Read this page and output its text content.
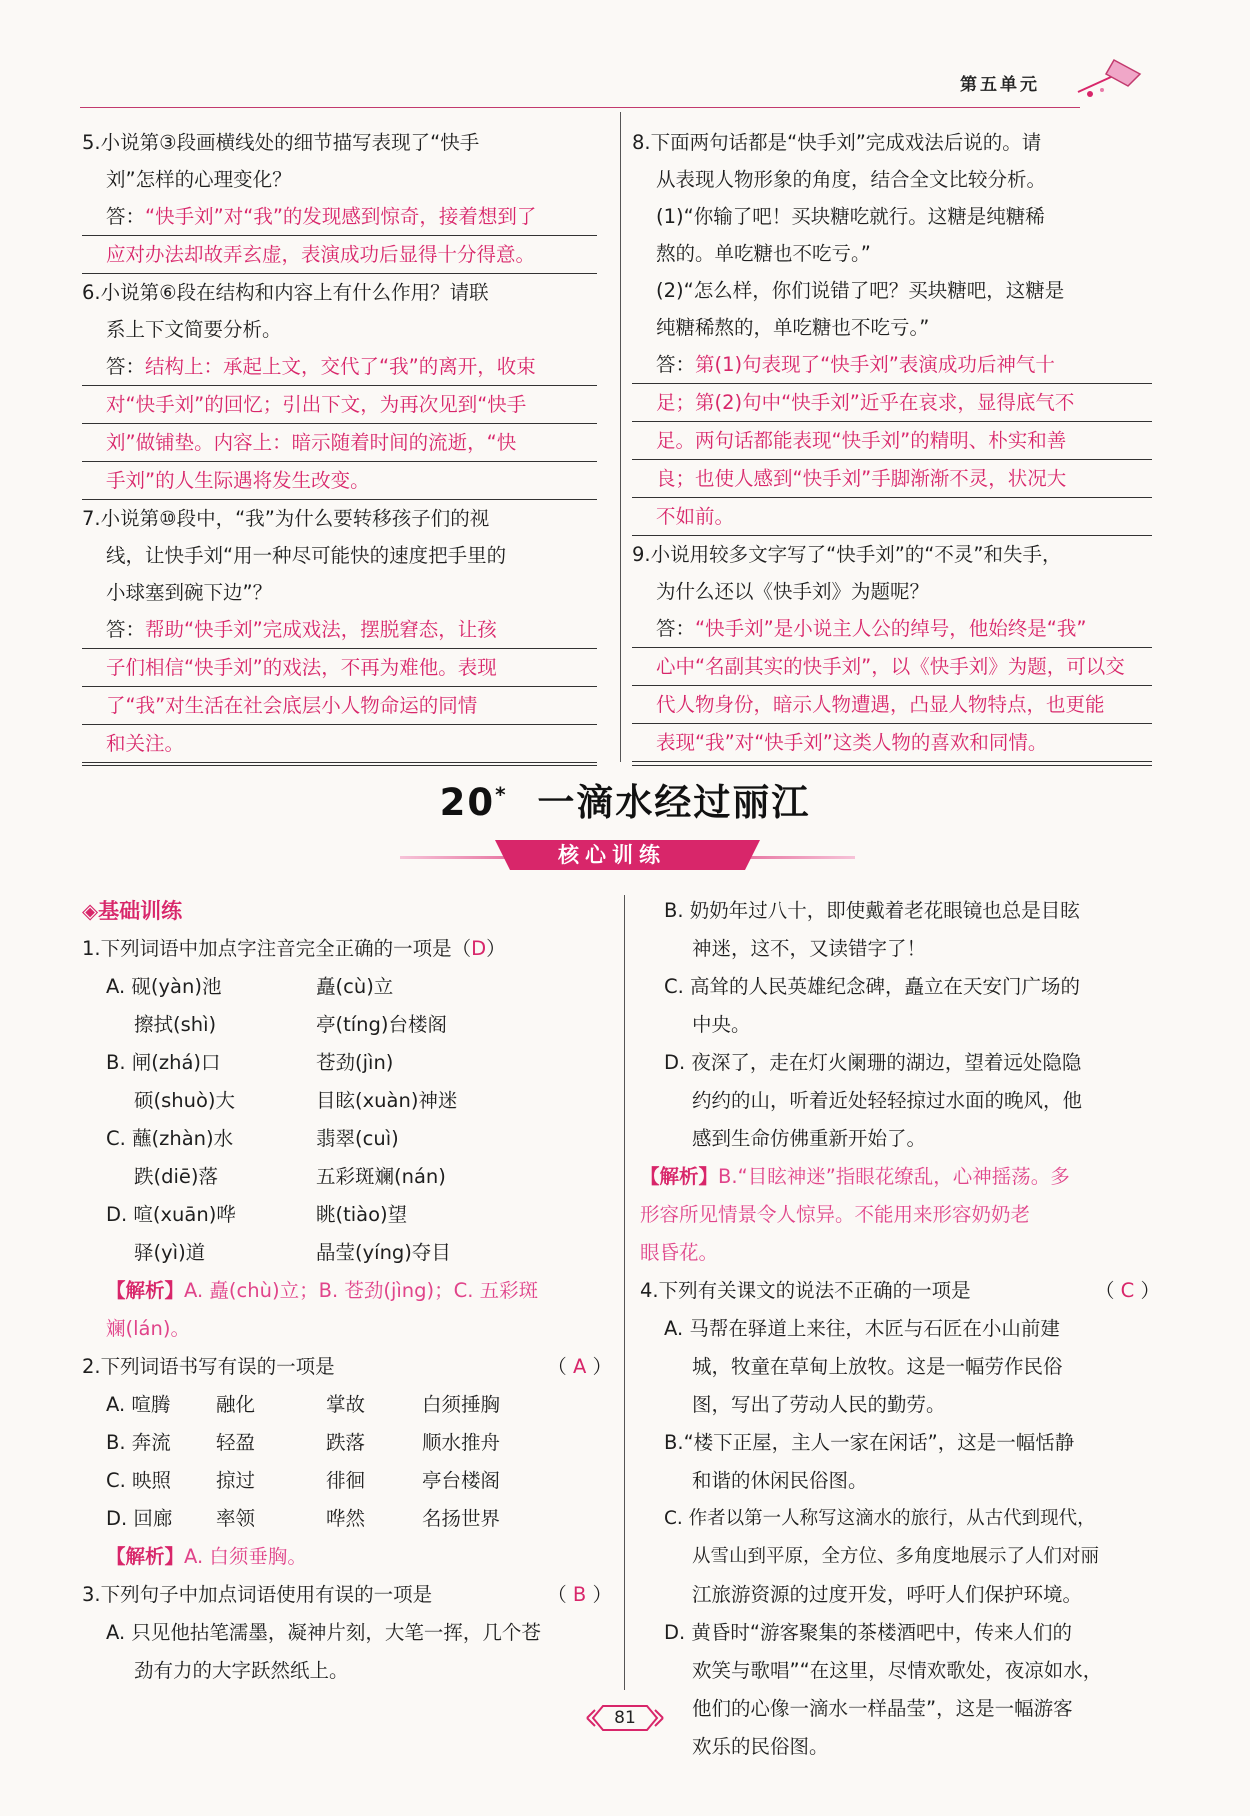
第五单元
5.小说第③段画横线处的细节描写表现了“快手
刘”怎样的心理变化？
答：“快手刘”对“我”的发现感到惊奇，接着想到了
应对办法却故弄玄虚，表演成功后显得十分得意。
6.小说第⑥段在结构和内容上有什么作用？请联
系上下文简要分析。
答：结构上：承起上文，交代了“我”的离开，收束
对“快手刘”的回忆；引出下文，为再次见到“快手
刘”做铺垫。内容上：暗示随着时间的流逝，“快
手刘”的人生际遇将发生改变。
7.小说第⑩段中，“我”为什么要转移孩子们的视
线，让快手刘“用一种尽可能快的速度把手里的
小球塞到碗下边”？
答：帮助“快手刘”完成戏法，摆脱窘态，让孩
子们相信“快手刘”的戏法，不再为难他。表现
了“我”对生活在社会底层小人物命运的同情
和关注。
8.下面两句话都是“快手刘”完成戏法后说的。请
从表现人物形象的角度，结合全文比较分析。
(1)“你输了吧！买块糖吃就行。这糖是纯糖稀
熬的。单吃糖也不吃亏。”
(2)“怎么样，你们说错了吧？买块糖吧，这糖是
纯糖稀熬的，单吃糖也不吃亏。”
答：第(1)句表现了“快手刘”表演成功后神气十
足；第(2)句中“快手刘”近乎在哀求，显得底气不
足。两句话都能表现“快手刘”的精明、朴实和善
良；也使人感到“快手刘”手脚渐渐不灵，状况大
不如前。
9.小说用较多文字写了“快手刘”的“不灵”和失手，
为什么还以《快手刘》为题呢？
答：“快手刘”是小说主人公的绰号，他始终是“我”
心中“名副其实的快手刘”，以《快手刘》为题，可以交
代人物身份，暗示人物遭遇，凸显人物特点，也更能
表现“我”对“快手刘”这类人物的喜欢和同情。
20* 一滴水经过丽江
核心训练
◈基础训练
1.下列词语中加点字注音完全正确的一项是（D）
A. 砚(yàn)池	矗(cù)立
擦拭(shì)	亭(tíng)台楼阁
B. 闸(zhá)口	苍劲(jìn)
硕(shuò)大	目眩(xuàn)神迷
C. 蘸(zhàn)水	翡翠(cuì)
跌(diē)落	五彩斑斓(nán)
D. 喧(xuān)哗	眺(tiào)望
驿(yì)道	晶莹(yíng)夺目
【解析】A. 矗(chù)立；B. 苍劲(jìng)；C. 五彩斑
斓(lán)。
2.下列词语书写有误的一项是	（ A ）
A. 喧腾	融化	掌故	白须捶胸
B. 奔流	轻盈	跌落	顺水推舟
C. 映照	掠过	徘徊	亭台楼阁
D. 回廊	率领	哗然	名扬世界
【解析】A. 白须垂胸。
3.下列句子中加点词语使用有误的一项是	（ B ）
A. 只见他拈笔濡墨，凝神片刻，大笔一挥，几个苍
劲有力的大字跃然纸上。
B. 奶奶年过八十，即使戴着老花眼镜也总是目眩
神迷，这不，又读错字了！
C. 高耸的人民英雄纪念碑，矗立在天安门广场的
中央。
D. 夜深了，走在灯火阑珊的湖边，望着远处隐隐
约约的山，听着近处轻轻掠过水面的晚风，他
感到生命仿佛重新开始了。
【解析】B.“目眩神迷”指眼花缭乱，心神摇荡。多
形容所见情景令人惊异。不能用来形容奶奶老
眼昏花。
4.下列有关课文的说法不正确的一项是	（ C ）
A. 马帮在驿道上来往，木匠与石匠在小山前建
城，牧童在草甸上放牧。这是一幅劳作民俗
图，写出了劳动人民的勤劳。
B.“楼下正屋，主人一家在闲话”，这是一幅恬静
和谐的休闲民俗图。
C. 作者以第一人称写这滴水的旅行，从古代到现代，
从雪山到平原，全方位、多角度地展示了人们对丽
江旅游资源的过度开发，呼吁人们保护环境。
D. 黄昏时“游客聚集的茶楼酒吧中，传来人们的
欢笑与歌唱”“在这里，尽情欢歌处，夜凉如水，
他们的心像一滴水一样晶莹”，这是一幅游客
欢乐的民俗图。
81
